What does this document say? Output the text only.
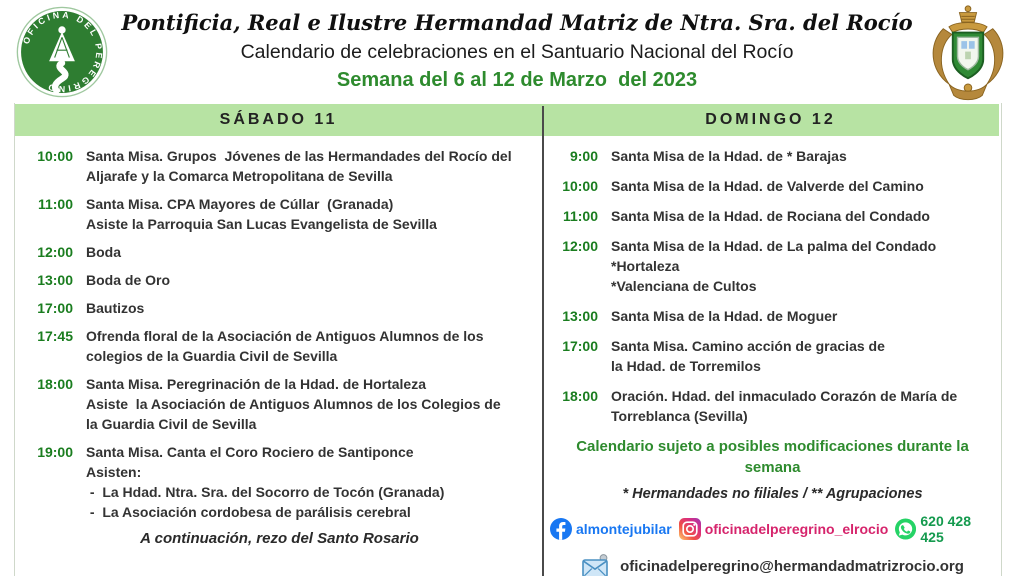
OFICINA DEL PEREGRINO
Pontificia, Real e Ilustre Hermandad Matriz de Ntra. Sra. del Rocío
Calendario de celebraciones en el Santuario Nacional del Rocío
Semana del 6 al 12 de Marzo  del 2023
SÁBADO 11	DOMINGO 12
10:00 Santa Misa. Grupos  Jóvenes de las Hermandades del Rocío del
Aljarafe y la Comarca Metropolitana de Sevilla
11:00 Santa Misa. CPA Mayores de Cúllar  (Granada)
Asiste la Parroquia San Lucas Evangelista de Sevilla
12:00 Boda
13:00 Boda de Oro
17:00 Bautizos
17:45 Ofrenda floral de la Asociación de Antiguos Alumnos de los
colegios de la Guardia Civil de Sevilla
18:00 Santa Misa. Peregrinación de la Hdad. de Hortaleza
Asiste  la Asociación de Antiguos Alumnos de los Colegios de
la Guardia Civil de Sevilla
19:00 Santa Misa. Canta el Coro Rociero de Santiponce
Asisten:
-  La Hdad. Ntra. Sra. del Socorro de Tocón (Granada)
-  La Asociación cordobesa de parálisis cerebral
A continuación, rezo del Santo Rosario
9:00 Santa Misa de la Hdad. de * Barajas
10:00 Santa Misa de la Hdad. de Valverde del Camino
11:00 Santa Misa de la Hdad. de Rociana del Condado
12:00 Santa Misa de la Hdad. de La palma del Condado
*Hortaleza
*Valenciana de Cultos
13:00 Santa Misa de la Hdad. de Moguer
17:00 Santa Misa. Camino acción de gracias de
la Hdad. de Torremilos
18:00 Oración. Hdad. del inmaculado Corazón de María de
Torreblanca (Sevilla)
Calendario sujeto a posibles modificaciones durante la semana
* Hermandades no filiales / ** Agrupaciones
almontejubilar oficinadelperegrino_elrocio 620 428 425
oficinadelperegrino@hermandadmatrizrocio.org
